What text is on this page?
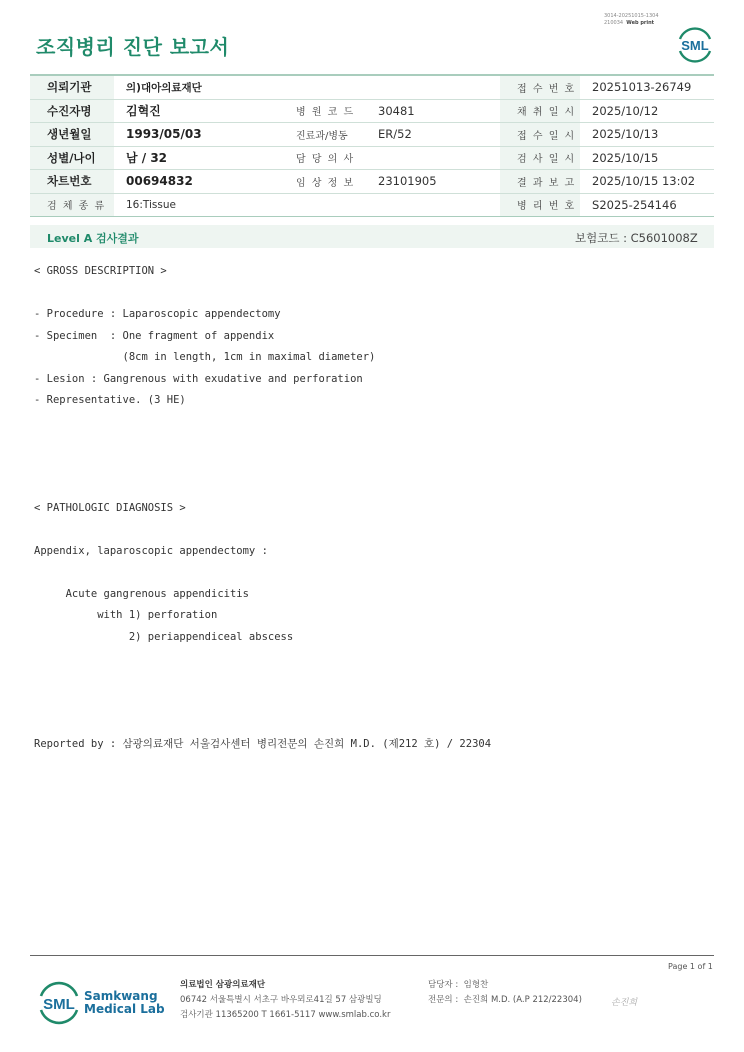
조직병리 진단 보고서
3014-20251015-1304
210034 Web print
SML
의뢰기관	의)대아의료재단			접 수 번 호	20251013-26749
수진자명	김혁진	병 원 코 드	30481	채 취 일 시	2025/10/12
생년월일	1993/05/03	진료과/병동	ER/52	접 수 일 시	2025/10/13
성별/나이	남 / 32	담 당 의 사		검 사 일 시	2025/10/15
차트번호	00694832	임 상 정 보	23101905	결 과 보 고	2025/10/15 13:02
검 체 종 류	16:Tissue			병 리 번 호	S2025-254146
Level A 검사결과	보험코드 : C5601008Z
< GROSS DESCRIPTION >

- Procedure : Laparoscopic appendectomy
- Specimen  : One fragment of appendix
(8cm in length, 1cm in maximal diameter)
- Lesion : Gangrenous with exudative and perforation
- Representative. (3 HE)

< PATHOLOGIC DIAGNOSIS >

Appendix, laparoscopic appendectomy :

Acute gangrenous appendicitis
with 1) perforation
2) periappendiceal abscess

Reported by : 삼광의료재단 서울검사센터 병리전문의 손진희 M.D. (제212 호) / 22304
Page 1 of 1
SML Samkwang
Medical Lab
의료법인 삼광의료재단
06742 서울특별시 서초구 바우뫼로41길 57 삼광빌딩
검사기관 11365200 T 1661-5117 www.smlab.co.kr
담당자 : 임형찬
전문의 : 손진희 M.D. (A.P 212/22304)	손진희
